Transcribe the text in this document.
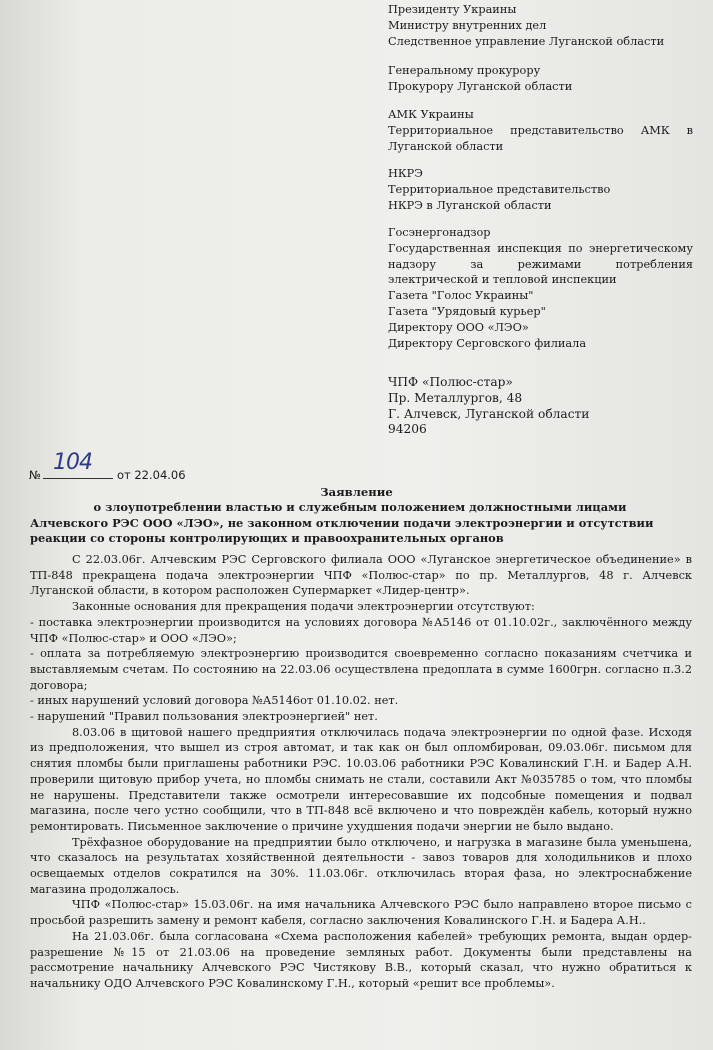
Президенту Украины
Министру внутренних дел
Следственное управление Луганской области
Генеральному прокурору
Прокурору Луганской области
АМК Украины
Территориальное представительство АМК в Луганской области
НКРЭ
Территориальное представительство
НКРЭ в Луганской области
Госэнергонадзор
Государственная инспекция по энергетическому надзору за режимами потребления электрической и тепловой инспекции
Газета "Голос Украины"
Газета "Урядовый курьер"
Директору ООО «ЛЭО»
Директору Серговского филиала
ЧПФ «Полюс-стар»
Пр. Металлургов, 48
Г. Алчевск, Луганской области
94206
№ 104 от 22.04.06
Заявление
о злоупотреблении властью и служебным положением должностными лицами
Алчевского РЭС ООО «ЛЭО», не законном отключении подачи электроэнергии и отсутствии
реакции со стороны контролирующих и правоохранительных органов

С 22.03.06г. Алчевским РЭС Серговского филиала ООО «Луганское энергетическое объединение» в ТП-848 прекращена подача электроэнергии ЧПФ «Полюс-стар» по пр. Металлургов, 48 г. Алчевск Луганской области, в котором расположен Супермаркет «Лидер-центр».

Законные основания для прекращения подачи электроэнергии отсутствуют:

- поставка электроэнергии производится на условиях договора №А5146 от 01.10.02г., заключённого между ЧПФ «Полюс-стар» и ООО «ЛЭО»;

- оплата за потребляемую электроэнергию производится своевременно согласно показаниям счетчика и выставляемым счетам. По состоянию на 22.03.06 осуществлена предоплата в сумме 1600грн. согласно п.3.2 договора;

- иных нарушений условий договора №А5146от 01.10.02. нет.

- нарушений "Правил пользования электроэнергией" нет.

8.03.06 в щитовой нашего предприятия отключилась подача электроэнергии по одной фазе. Исходя из предположения, что вышел из строя автомат, и так как он был опломбирован, 09.03.06г. письмом для снятия пломбы были приглашены работники РЭС. 10.03.06 работники РЭС Ковалинский Г.Н. и Бадер А.Н. проверили щитовую прибор учета, но пломбы снимать не стали, составили Акт №035785 о том, что пломбы не нарушены. Представители также осмотрели интересовавшие их подсобные помещения и подвал магазина, после чего устно сообщили, что в ТП-848 всё включено и что повреждён кабель, который нужно ремонтировать. Письменное заключение о причине ухудшения подачи энергии не было выдано.

Трёхфазное оборудование на предприятии было отключено, и нагрузка в магазине была уменьшена, что сказалось на результатах хозяйственной деятельности - завоз товаров для холодильников и плохо освещаемых отделов сократился на 30%. 11.03.06г. отключилась вторая фаза, но электроснабжение магазина продолжалось.

ЧПФ «Полюс-стар» 15.03.06г. на имя начальника Алчевского РЭС было направлено второе письмо с просьбой разрешить замену и ремонт кабеля, согласно заключения Ковалинского Г.Н. и Бадера А.Н..

На 21.03.06г. была согласована «Схема расположения кабелей» требующих ремонта, выдан ордер-разрешение №15 от 21.03.06 на проведение земляных работ. Документы были представлены на рассмотрение начальнику Алчевского РЭС Чистякову В.В., который сказал, что нужно обратиться к начальнику ОДО Алчевского РЭС Ковалинскому Г.Н., который «решит все проблемы».
